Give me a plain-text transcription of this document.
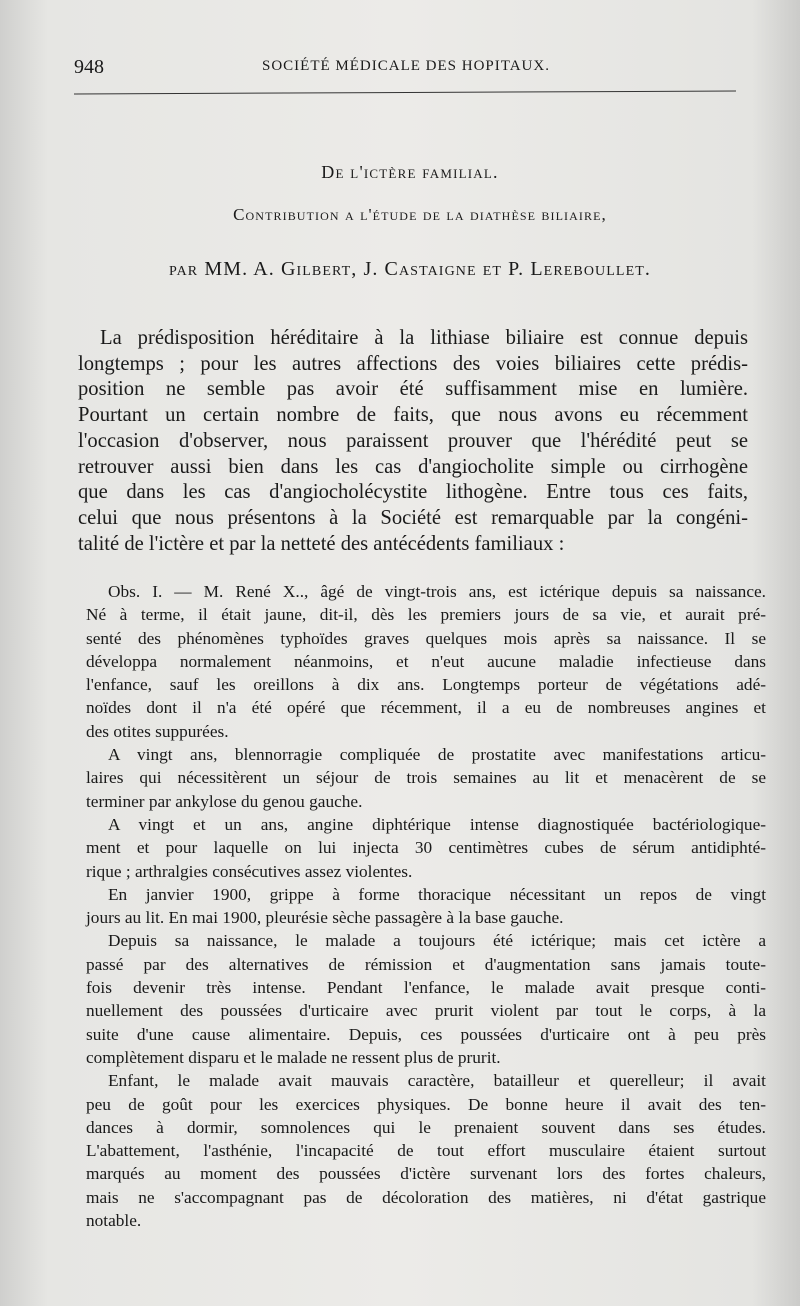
948	SOCIÉTÉ MÉDICALE DES HOPITAUX.
De l'ictère familial.
Contribution a l'étude de la diathèse biliaire,
par MM. A. Gilbert, J. Castaigne et P. Lereboullet.
La prédisposition héréditaire à la lithiase biliaire est connue depuis
longtemps ; pour les autres affections des voies biliaires cette prédis-
position ne semble pas avoir été suffisamment mise en lumière.
Pourtant un certain nombre de faits, que nous avons eu récemment
l'occasion d'observer, nous paraissent prouver que l'hérédité peut se
retrouver aussi bien dans les cas d'angiocholite simple ou cirrhogène
que dans les cas d'angiocholécystite lithogène. Entre tous ces faits,
celui que nous présentons à la Société est remarquable par la congéni-
talité de l'ictère et par la netteté des antécédents familiaux :
Obs. I. — M. René X.., âgé de vingt-trois ans, est ictérique depuis sa naissance.
Né à terme, il était jaune, dit-il, dès les premiers jours de sa vie, et aurait pré-
senté des phénomènes typhoïdes graves quelques mois après sa naissance. Il se
développa normalement néanmoins, et n'eut aucune maladie infectieuse dans
l'enfance, sauf les oreillons à dix ans. Longtemps porteur de végétations adé-
noïdes dont il n'a été opéré que récemment, il a eu de nombreuses angines et
des otites suppurées.
A vingt ans, blennorragie compliquée de prostatite avec manifestations articu-
laires qui nécessitèrent un séjour de trois semaines au lit et menacèrent de se
terminer par ankylose du genou gauche.
A vingt et un ans, angine diphtérique intense diagnostiquée bactériologique-
ment et pour laquelle on lui injecta 30 centimètres cubes de sérum antidiphté-
rique ; arthralgies consécutives assez violentes.
En janvier 1900, grippe à forme thoracique nécessitant un repos de vingt
jours au lit. En mai 1900, pleurésie sèche passagère à la base gauche.
Depuis sa naissance, le malade a toujours été ictérique; mais cet ictère a
passé par des alternatives de rémission et d'augmentation sans jamais toute-
fois devenir très intense. Pendant l'enfance, le malade avait presque conti-
nuellement des poussées d'urticaire avec prurit violent par tout le corps, à la
suite d'une cause alimentaire. Depuis, ces poussées d'urticaire ont à peu près
complètement disparu et le malade ne ressent plus de prurit.
Enfant, le malade avait mauvais caractère, batailleur et querelleur; il avait
peu de goût pour les exercices physiques. De bonne heure il avait des ten-
dances à dormir, somnolences qui le prenaient souvent dans ses études.
L'abattement, l'asthénie, l'incapacité de tout effort musculaire étaient surtout
marqués au moment des poussées d'ictère survenant lors des fortes chaleurs,
mais ne s'accompagnant pas de décoloration des matières, ni d'état gastrique
notable.
